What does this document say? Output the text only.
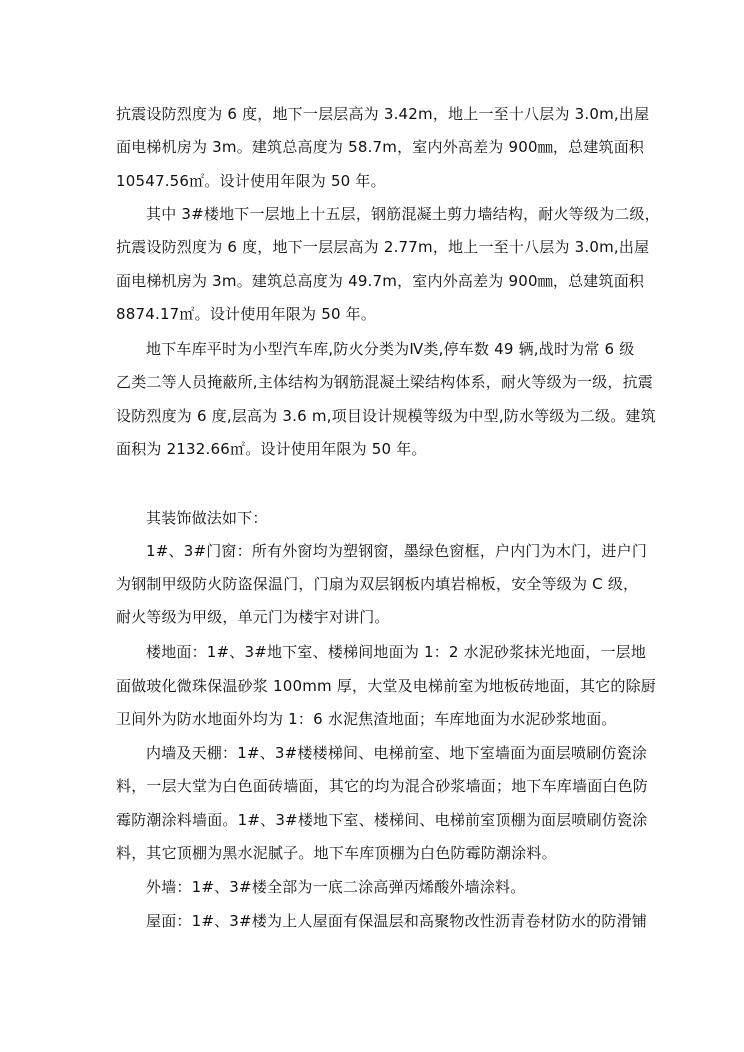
抗震设防烈度为 6 度，地下一层层高为 3.42m，地上一至十八层为 3.0m,出屋
面电梯机房为 3m。建筑总高度为 58.7m，室内外高差为 900㎜，总建筑面积
10547.56㎡。设计使用年限为 50 年。
其中 3#楼地下一层地上十五层，钢筋混凝土剪力墙结构，耐火等级为二级，
抗震设防烈度为 6 度，地下一层层高为 2.77m，地上一至十八层为 3.0m,出屋
面电梯机房为 3m。建筑总高度为 49.7m，室内外高差为 900㎜，总建筑面积
8874.17㎡。设计使用年限为 50 年。
地下车库平时为小型汽车库,防火分类为Ⅳ类,停车数 49 辆,战时为常 6 级
乙类二等人员掩蔽所,主体结构为钢筋混凝土梁结构体系，耐火等级为一级，抗震
设防烈度为 6 度,层高为 3.6 m,项目设计规模等级为中型,防水等级为二级。建筑
面积为 2132.66㎡。设计使用年限为 50 年。
其装饰做法如下：
1#、3#门窗：所有外窗均为塑钢窗，墨绿色窗框，户内门为木门，进户门
为钢制甲级防火防盗保温门，门扇为双层钢板内填岩棉板，安全等级为 C 级，
耐火等级为甲级，单元门为楼宇对讲门。
楼地面：1#、3#地下室、楼梯间地面为 1：2 水泥砂浆抹光地面，一层地
面做玻化微珠保温砂浆 100mm 厚，大堂及电梯前室为地板砖地面，其它的除厨
卫间外为防水地面外均为 1：6 水泥焦渣地面；车库地面为水泥砂浆地面。
内墙及天棚：1#、3#楼楼梯间、电梯前室、地下室墙面为面层喷刷仿瓷涂
料，一层大堂为白色面砖墙面，其它的均为混合砂浆墙面；地下车库墙面白色防
霉防潮涂料墙面。1#、3#楼地下室、楼梯间、电梯前室顶棚为面层喷刷仿瓷涂
料，其它顶棚为黑水泥腻子。地下车库顶棚为白色防霉防潮涂料。
外墙：1#、3#楼全部为一底二涂高弹丙烯酸外墙涂料。
屋面：1#、3#楼为上人屋面有保温层和高聚物改性沥青卷材防水的防滑铺
